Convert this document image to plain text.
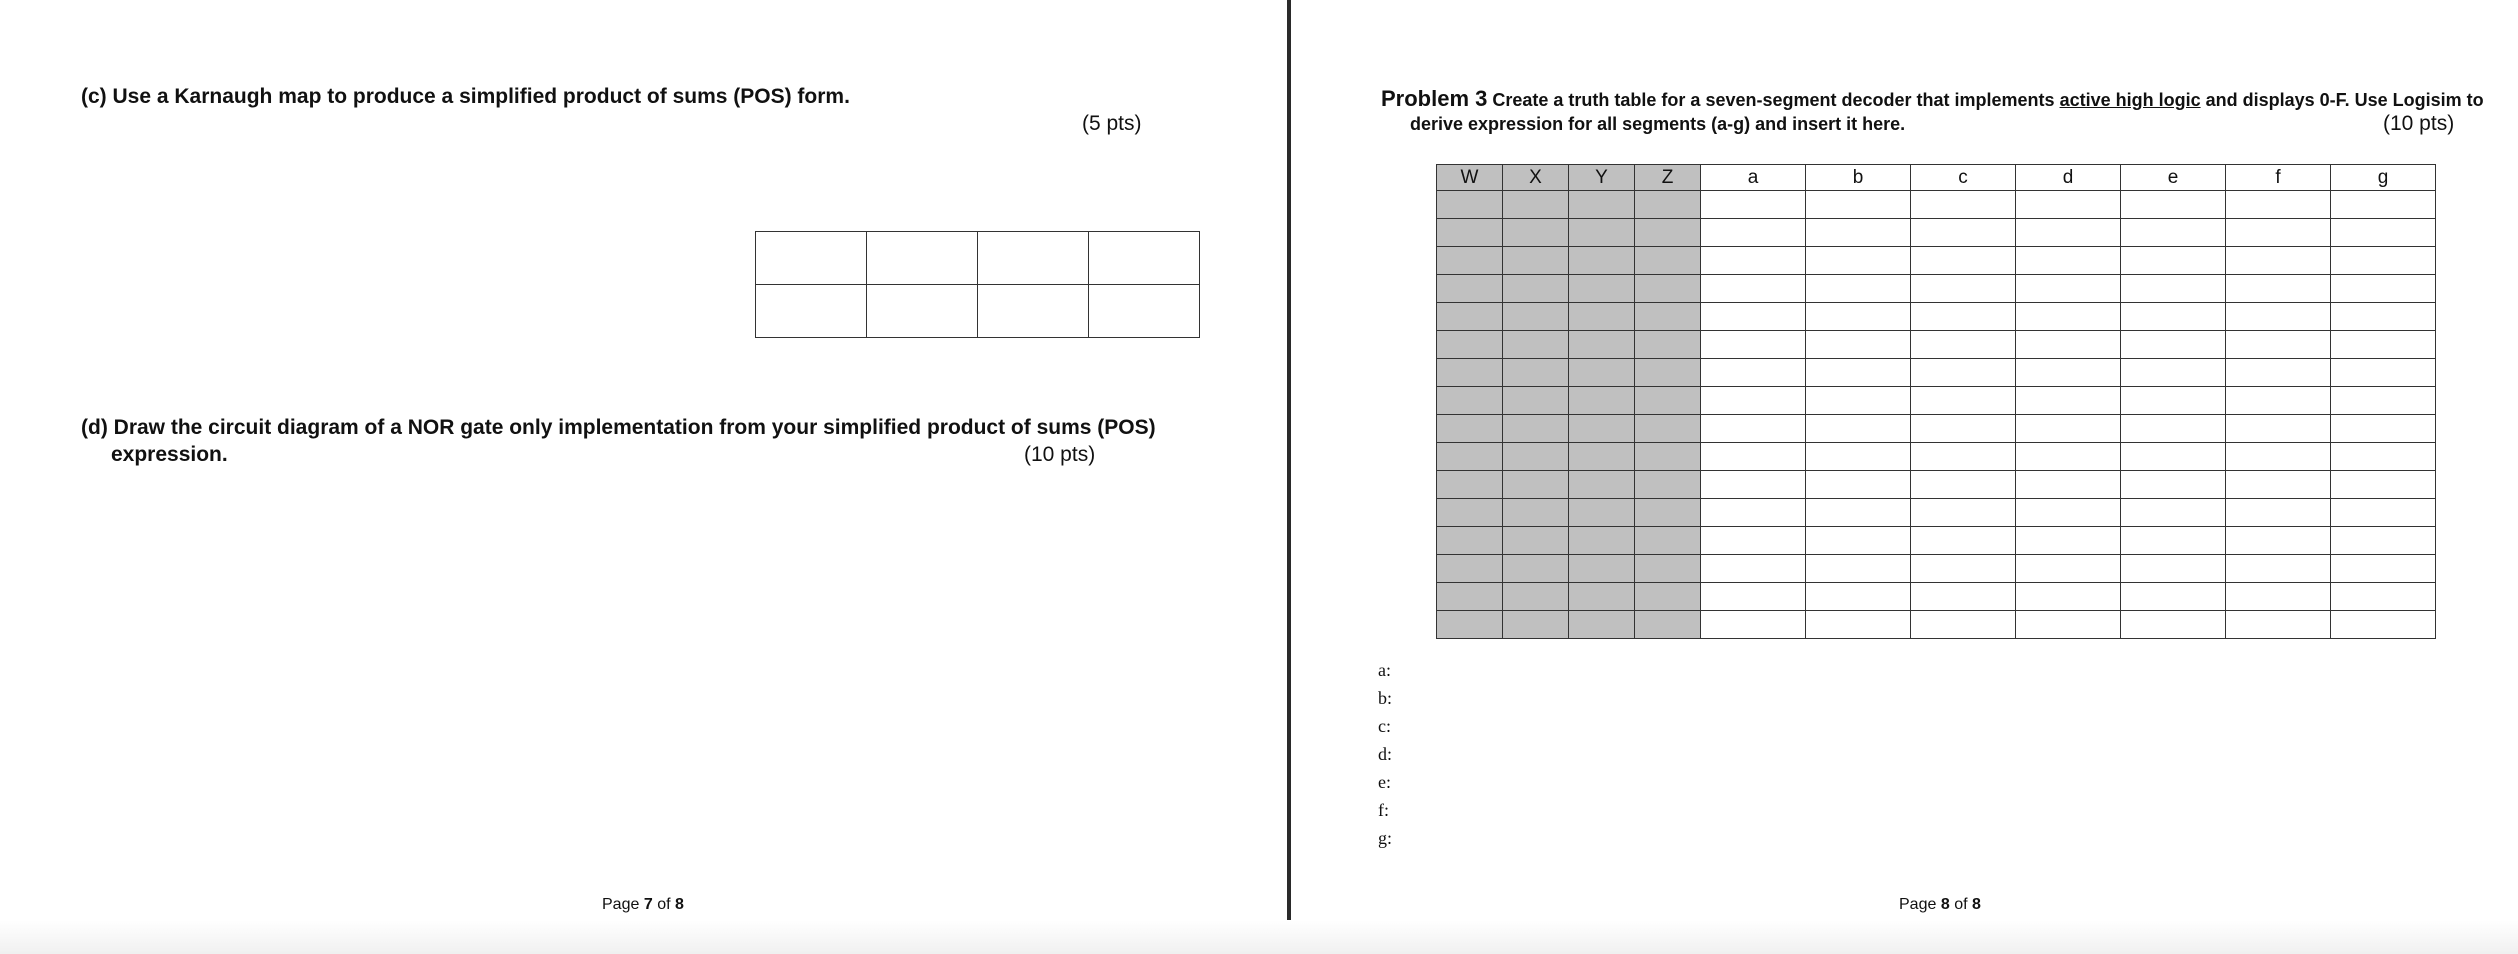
(c) Use a Karnaugh map to produce a simplified product of sums (POS) form.
(5 pts)

(d) Draw the circuit diagram of a NOR gate only implementation from your simplified product of sums (POS)
expression.	(10 pts)
Page 7 of 8
Problem 3 Create a truth table for a seven-segment decoder that implements active high logic and displays 0-F. Use Logisim to
derive expression for all segments (a-g) and insert it here.	(10 pts)
W	X	Y	Z	a	b	c	d	e	f	g

a:
b:
c:
d:
e:
f:
g:
Page 8 of 8
